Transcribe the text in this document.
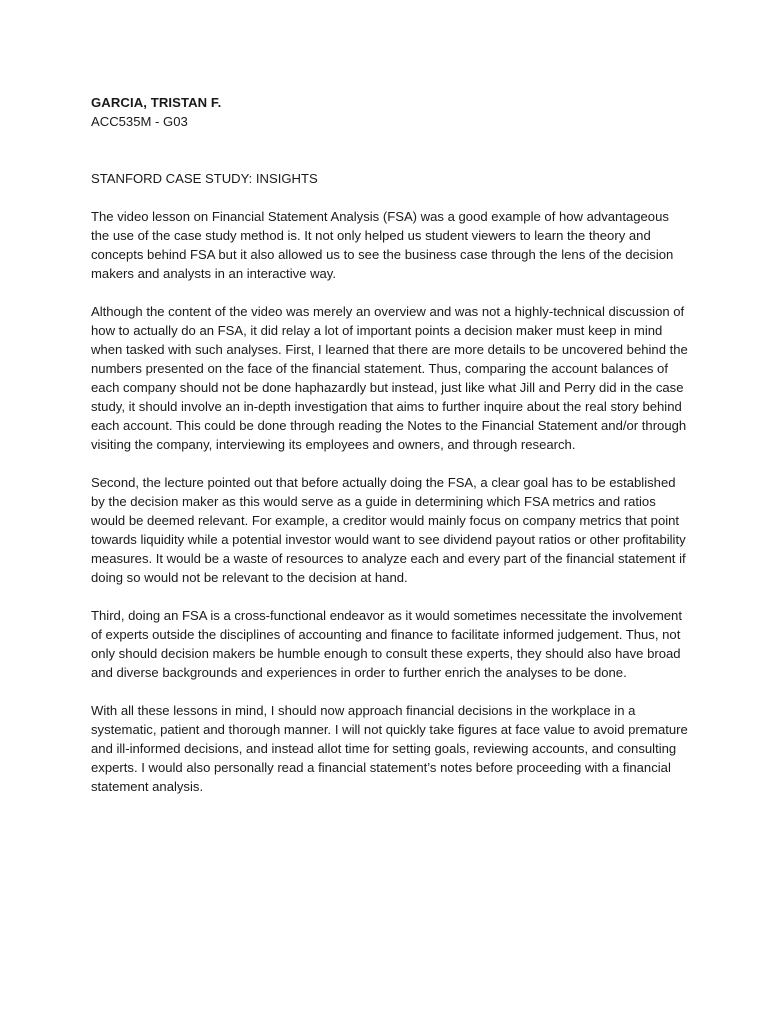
GARCIA, TRISTAN F.

ACC535M - G03

STANFORD CASE STUDY: INSIGHTS

The video lesson on Financial Statement Analysis (FSA) was a good example of how advantageous the use of the case study method is. It not only helped us student viewers to learn the theory and concepts behind FSA but it also allowed us to see the business case through the lens of the decision makers and analysts in an interactive way.

Although the content of the video was merely an overview and was not a highly-technical discussion of how to actually do an FSA, it did relay a lot of important points a decision maker must keep in mind when tasked with such analyses. First, I learned that there are more details to be uncovered behind the numbers presented on the face of the financial statement. Thus, comparing the account balances of each company should not be done haphazardly but instead, just like what Jill and Perry did in the case study, it should involve an in-depth investigation that aims to further inquire about the real story behind each account. This could be done through reading the Notes to the Financial Statement and/or through visiting the company, interviewing its employees and owners, and through research.

Second, the lecture pointed out that before actually doing the FSA, a clear goal has to be established by the decision maker as this would serve as a guide in determining which FSA metrics and ratios would be deemed relevant. For example, a creditor would mainly focus on company metrics that point towards liquidity while a potential investor would want to see dividend payout ratios or other profitability measures. It would be a waste of resources to analyze each and every part of the financial statement if doing so would not be relevant to the decision at hand.

Third, doing an FSA is a cross-functional endeavor as it would sometimes necessitate the involvement of experts outside the disciplines of accounting and finance to facilitate informed judgement. Thus, not only should decision makers be humble enough to consult these experts, they should also have broad and diverse backgrounds and experiences in order to further enrich the analyses to be done.

With all these lessons in mind, I should now approach financial decisions in the workplace in a systematic, patient and thorough manner. I will not quickly take figures at face value to avoid premature and ill-informed decisions, and instead allot time for setting goals, reviewing accounts, and consulting experts. I would also personally read a financial statement’s notes before proceeding with a financial statement analysis.
